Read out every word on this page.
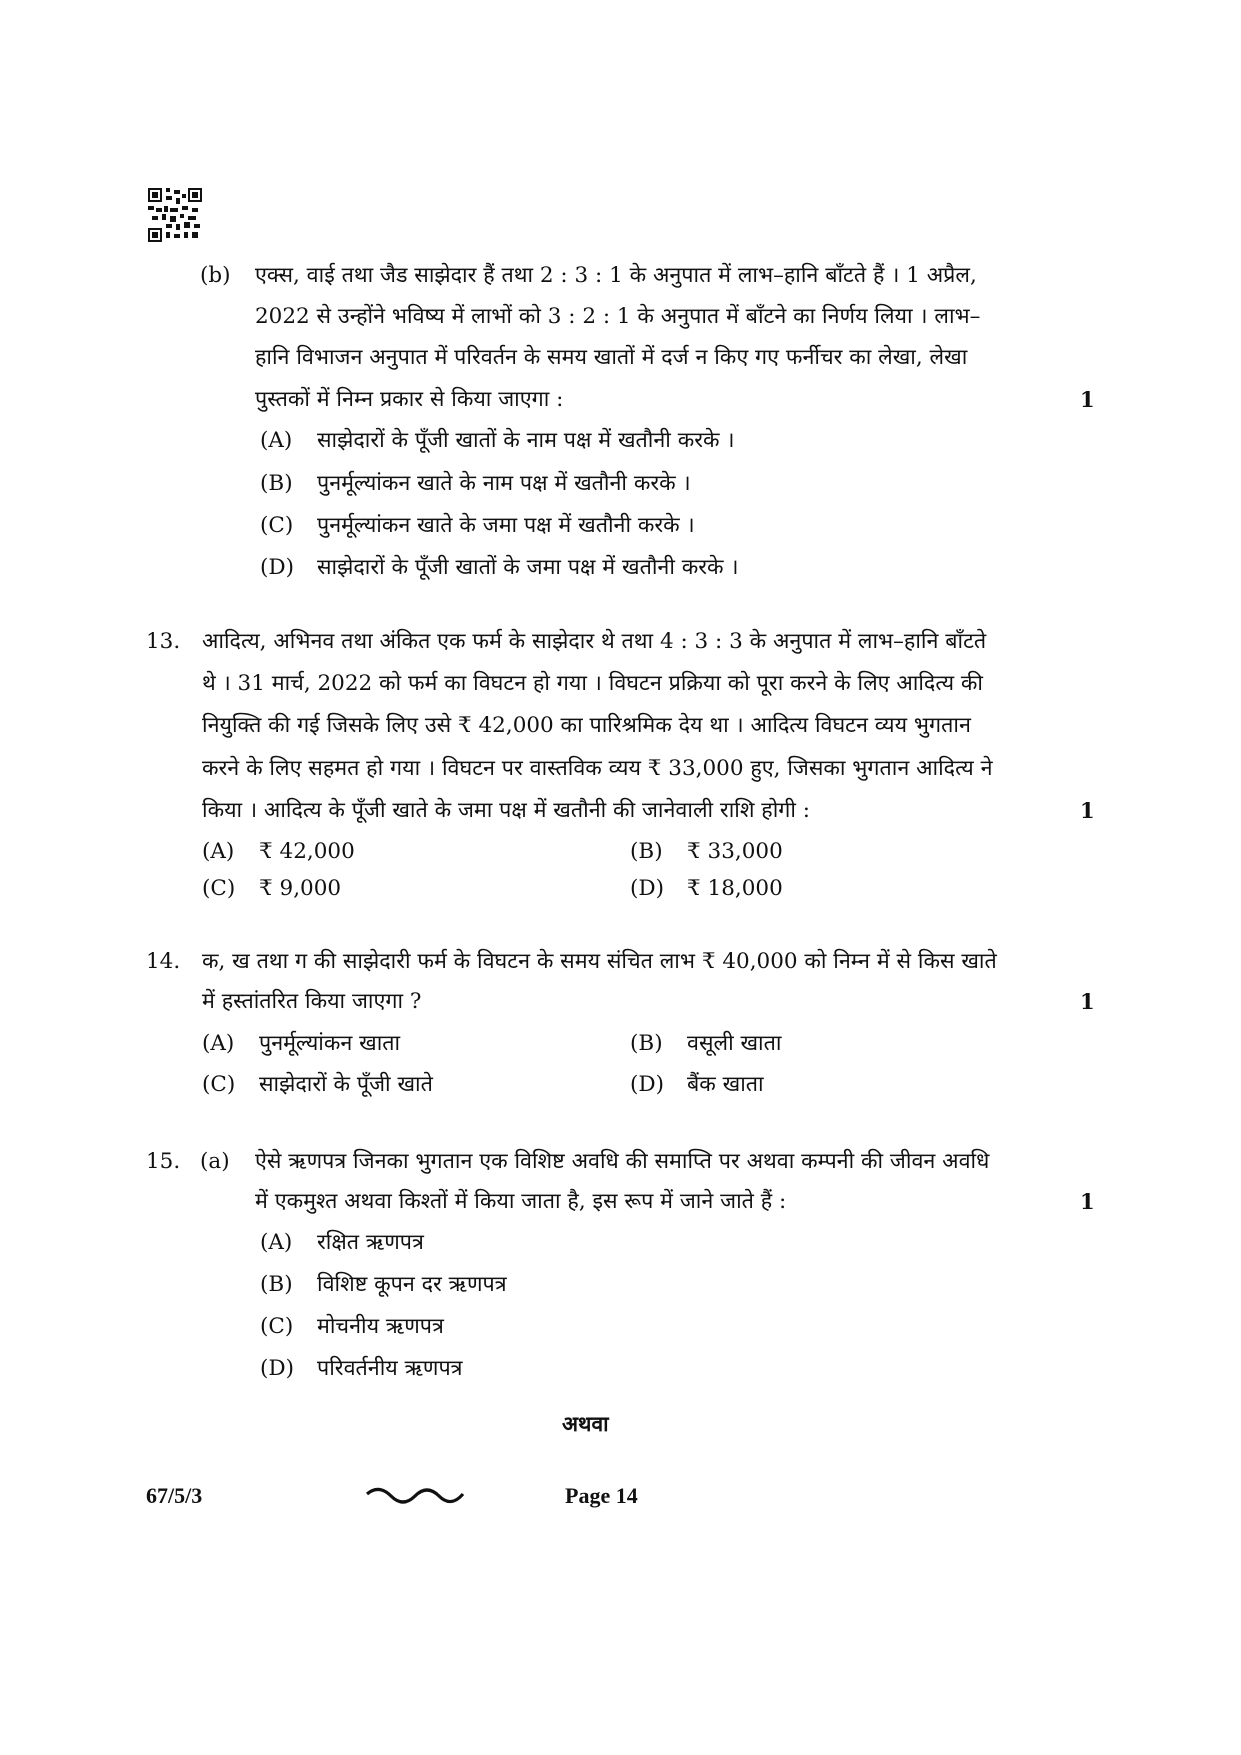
(b) एक्स, वाई तथा जैड साझेदार हैं तथा 2 : 3 : 1 के अनुपात में लाभ–हानि बाँटते हैं । 1 अप्रैल,
2022 से उन्होंने भविष्य में लाभों को 3 : 2 : 1 के अनुपात में बाँटने का निर्णय लिया । लाभ–
हानि विभाजन अनुपात में परिवर्तन के समय खातों में दर्ज न किए गए फर्नीचर का लेखा, लेखा
पुस्तकों में निम्न प्रकार से किया जाएगा :	1
(A) साझेदारों के पूँजी खातों के नाम पक्ष में खतौनी करके ।
(B) पुनर्मूल्यांकन खाते के नाम पक्ष में खतौनी करके ।
(C) पुनर्मूल्यांकन खाते के जमा पक्ष में खतौनी करके ।
(D) साझेदारों के पूँजी खातों के जमा पक्ष में खतौनी करके ।
13. आदित्य, अभिनव तथा अंकित एक फर्म के साझेदार थे तथा 4 : 3 : 3 के अनुपात में लाभ–हानि बाँटते
थे । 31 मार्च, 2022 को फर्म का विघटन हो गया । विघटन प्रक्रिया को पूरा करने के लिए आदित्य की
नियुक्ति की गई जिसके लिए उसे ₹ 42,000 का पारिश्रमिक देय था । आदित्य विघटन व्यय भुगतान
करने के लिए सहमत हो गया । विघटन पर वास्तविक व्यय ₹ 33,000 हुए, जिसका भुगतान आदित्य ने
किया । आदित्य के पूँजी खाते के जमा पक्ष में खतौनी की जानेवाली राशि होगी :	1
(A) ₹ 42,000	(B) ₹ 33,000
(C) ₹ 9,000	(D) ₹ 18,000
14. क, ख तथा ग की साझेदारी फर्म के विघटन के समय संचित लाभ ₹ 40,000 को निम्न में से किस खाते
में हस्तांतरित किया जाएगा ?	1
(A) पुनर्मूल्यांकन खाता	(B) वसूली खाता
(C) साझेदारों के पूँजी खाते	(D) बैंक खाता
15. (a) ऐसे ऋणपत्र जिनका भुगतान एक विशिष्ट अवधि की समाप्ति पर अथवा कम्पनी की जीवन अवधि
में एकमुश्त अथवा किश्तों में किया जाता है, इस रूप में जाने जाते हैं :	1
(A) रक्षित ऋणपत्र
(B) विशिष्ट कूपन दर ऋणपत्र
(C) मोचनीय ऋणपत्र
(D) परिवर्तनीय ऋणपत्र
अथवा
67/5/3	Page 14
